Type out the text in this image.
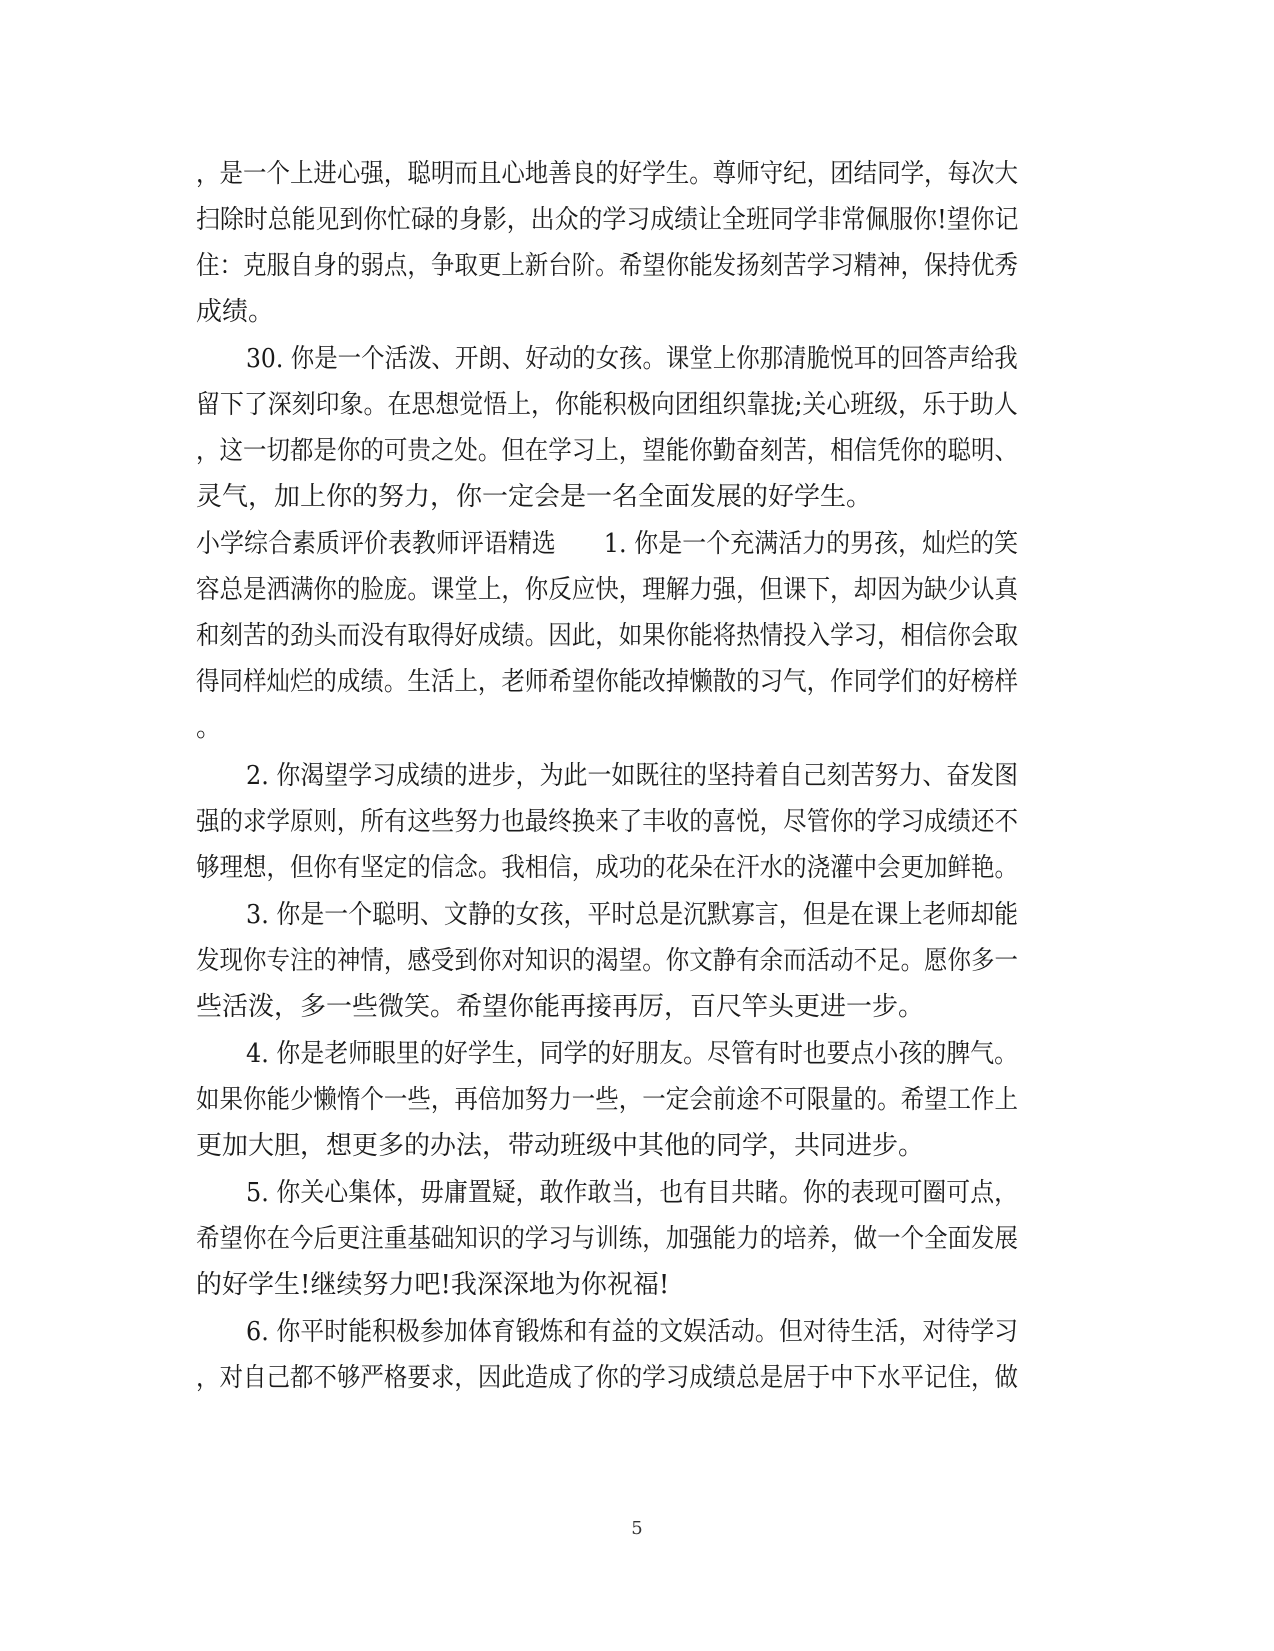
，是一个上进心强，聪明而且心地善良的好学生。尊师守纪，团结同学，每次大
扫除时总能见到你忙碌的身影，出众的学习成绩让全班同学非常佩服你!望你记
住：克服自身的弱点，争取更上新台阶。希望你能发扬刻苦学习精神，保持优秀
成绩。
30. 你是一个活泼、开朗、好动的女孩。课堂上你那清脆悦耳的回答声给我
留下了深刻印象。在思想觉悟上，你能积极向团组织靠拢;关心班级，乐于助人
，这一切都是你的可贵之处。但在学习上，望能你勤奋刻苦，相信凭你的聪明、
灵气，加上你的努力，你一定会是一名全面发展的好学生。
小学综合素质评价表教师评语精选　　1. 你是一个充满活力的男孩，灿烂的笑
容总是洒满你的脸庞。课堂上，你反应快，理解力强，但课下，却因为缺少认真
和刻苦的劲头而没有取得好成绩。因此，如果你能将热情投入学习，相信你会取
得同样灿烂的成绩。生活上，老师希望你能改掉懒散的习气，作同学们的好榜样
。
2. 你渴望学习成绩的进步，为此一如既往的坚持着自己刻苦努力、奋发图
强的求学原则，所有这些努力也最终换来了丰收的喜悦，尽管你的学习成绩还不
够理想，但你有坚定的信念。我相信，成功的花朵在汗水的浇灌中会更加鲜艳。
3. 你是一个聪明、文静的女孩，平时总是沉默寡言，但是在课上老师却能
发现你专注的神情，感受到你对知识的渴望。你文静有余而活动不足。愿你多一
些活泼，多一些微笑。希望你能再接再厉，百尺竿头更进一步。
4. 你是老师眼里的好学生，同学的好朋友。尽管有时也要点小孩的脾气。
如果你能少懒惰个一些，再倍加努力一些，一定会前途不可限量的。希望工作上
更加大胆，想更多的办法，带动班级中其他的同学，共同进步。
5. 你关心集体，毋庸置疑，敢作敢当，也有目共睹。你的表现可圈可点，
希望你在今后更注重基础知识的学习与训练，加强能力的培养，做一个全面发展
的好学生!继续努力吧!我深深地为你祝福!
6. 你平时能积极参加体育锻炼和有益的文娱活动。但对待生活，对待学习
，对自己都不够严格要求，因此造成了你的学习成绩总是居于中下水平记住，做
5
